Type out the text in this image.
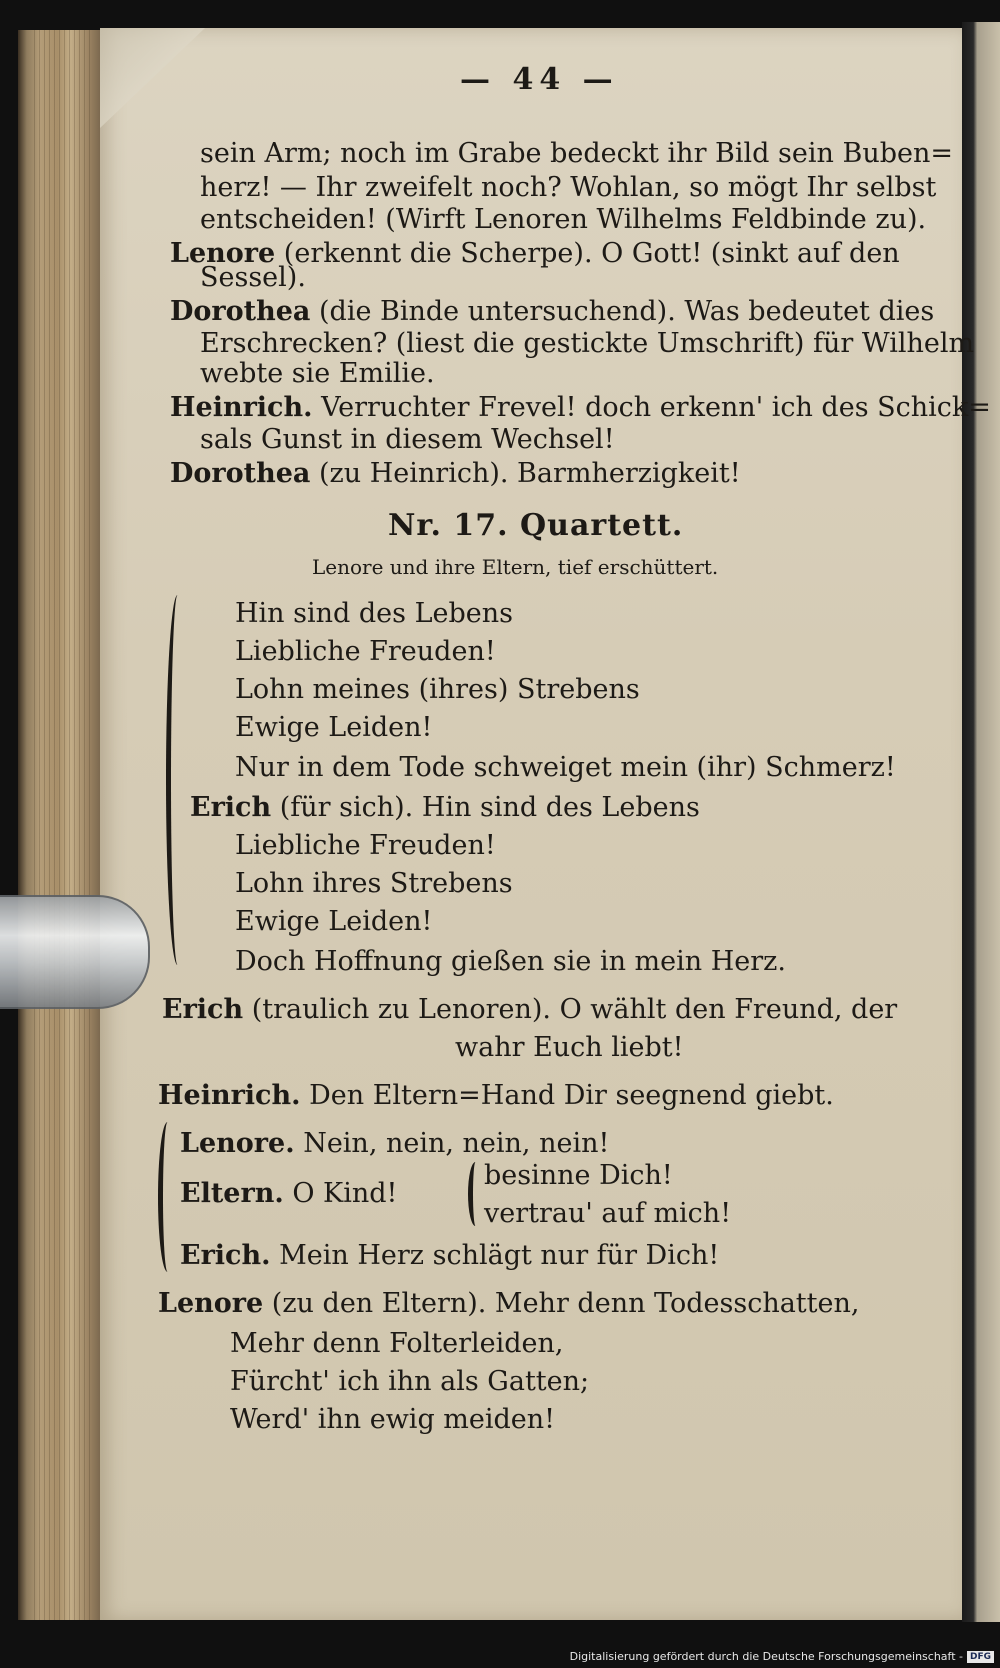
— 44 —
sein Arm; noch im Grabe bedeckt ihr Bild sein Buben=
herz! — Ihr zweifelt noch? Wohlan, so mögt Ihr selbst
entscheiden! (Wirft Lenoren Wilhelms Feldbinde zu).
Lenore (erkennt die Scherpe). O Gott! (sinkt auf den
Sessel).
Dorothea (die Binde untersuchend). Was bedeutet dies
Erschrecken? (liest die gestickte Umschrift) für Wilhelm
webte sie Emilie.
Heinrich. Verruchter Frevel! doch erkenn' ich des Schick=
sals Gunst in diesem Wechsel!
Dorothea (zu Heinrich). Barmherzigkeit!
Nr. 17. Quartett.
Lenore und ihre Eltern, tief erschüttert.
Hin sind des Lebens
Liebliche Freuden!
Lohn meines (ihres) Strebens
Ewige Leiden!
Nur in dem Tode schweiget mein (ihr) Schmerz!
Erich (für sich). Hin sind des Lebens
Liebliche Freuden!
Lohn ihres Strebens
Ewige Leiden!
Doch Hoffnung gießen sie in mein Herz.
Erich (traulich zu Lenoren). O wählt den Freund, der
wahr Euch liebt!
Heinrich. Den Eltern=Hand Dir seegnend giebt.
Lenore. Nein, nein, nein, nein!
Eltern. O Kind!
besinne Dich!
vertrau' auf mich!
Erich. Mein Herz schlägt nur für Dich!
Lenore (zu den Eltern). Mehr denn Todesschatten,
Mehr denn Folterleiden,
Fürcht' ich ihn als Gatten;
Werd' ihn ewig meiden!
Digitalisierung gefördert durch die Deutsche Forschungsgemeinschaft - DFG
